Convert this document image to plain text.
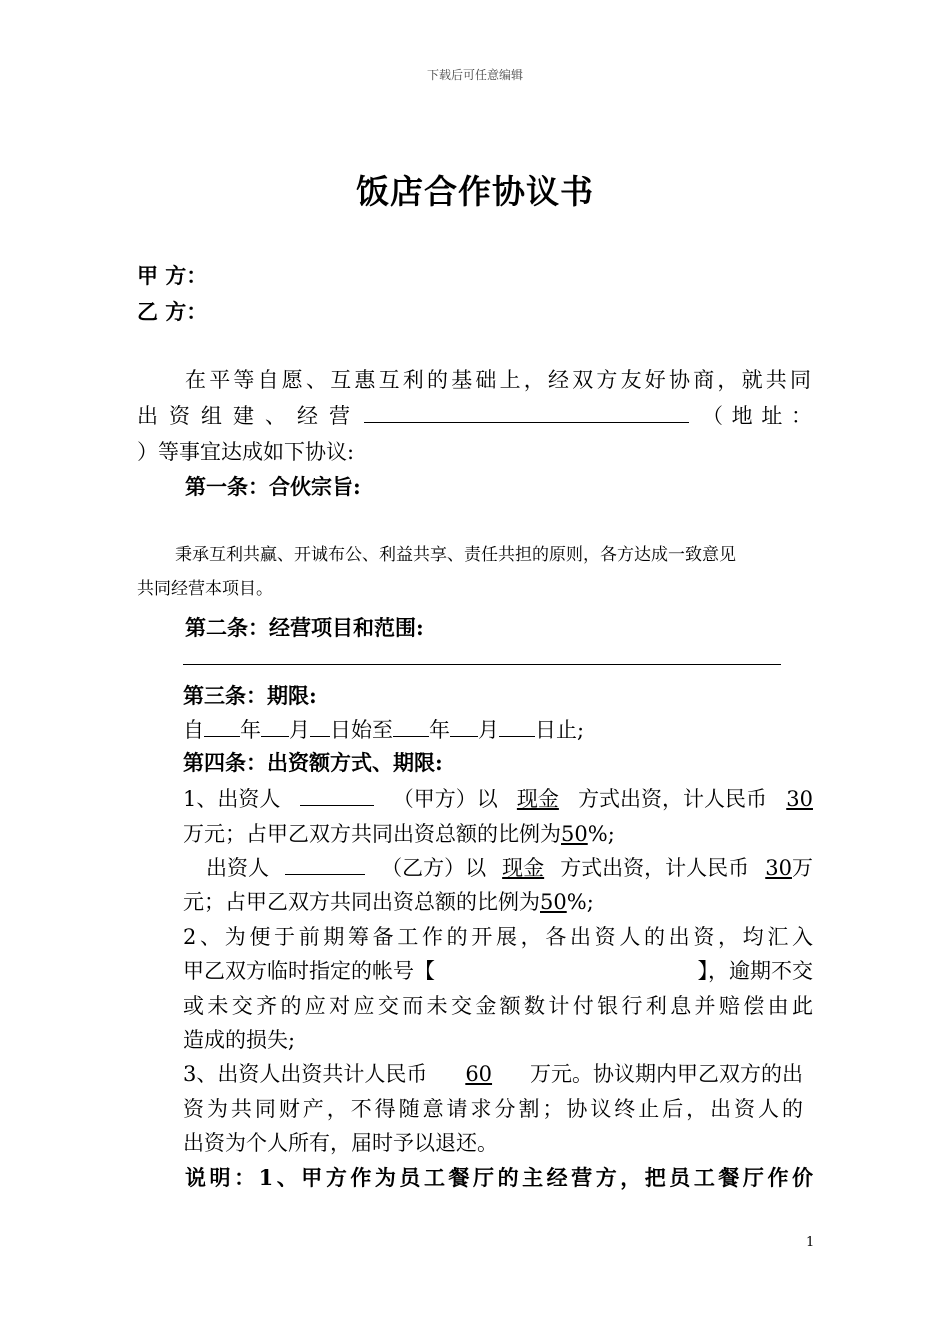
下载后可任意编辑
饭店合作协议书
甲 方：
乙 方：
在平等自愿、互惠互利的基础上，经双方友好协商，就共同
出资组建、经营	（地址：
）等事宜达成如下协议:
第一条：合伙宗旨:
秉承互利共赢、开诚布公、利益共享、责任共担的原则，各方达成一致意见
共同经营本项目。
第二条：经营项目和范围:
第三条：期限:
自 年 月 日始至 年 月 日止;
第四条：出资额方式、期限:
1、出资人	（甲方）以 现金 方式出资，计人民币 30
万元；占甲乙双方共同出资总额的比例为50%;
出资人	（乙方）以 现金 方式出资，计人民币 30万
元；占甲乙双方共同出资总额的比例为50%;
2、为便于前期筹备工作的开展，各出资人的出资，均汇入
甲乙双方临时指定的帐号【	】，逾期不交
或未交齐的应对应交而未交金额数计付银行利息并赔偿由此
造成的损失;
3、出资人出资共计人民币 60 万元。协议期内甲乙双方的出
资为共同财产，不得随意请求分割；协议终止后，出资人的
出资为个人所有，届时予以退还。
说明：1、甲方作为员工餐厅的主经营方，把员工餐厅作价
1
